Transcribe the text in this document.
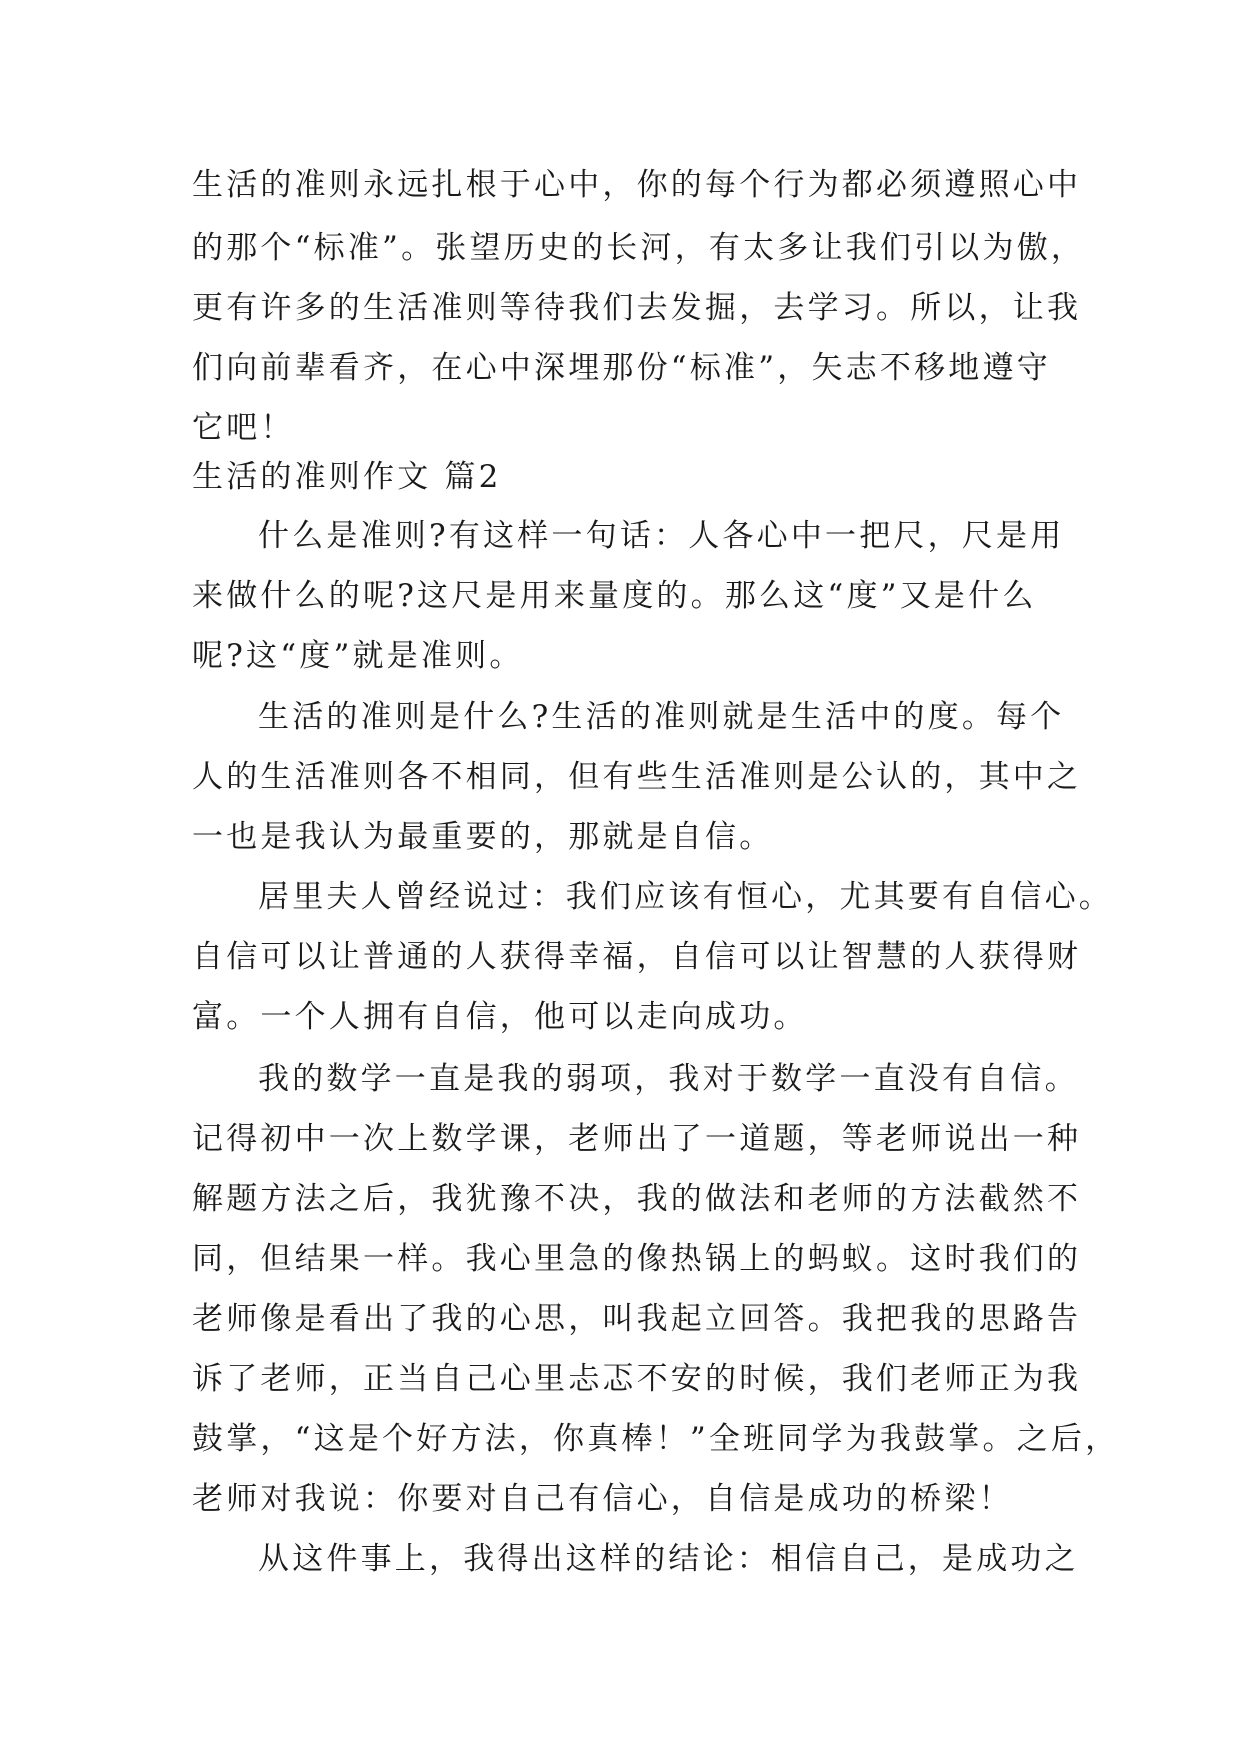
生活的准则永远扎根于心中，你的每个行为都必须遵照心中
的那个“标准”。张望历史的长河，有太多让我们引以为傲，
更有许多的生活准则等待我们去发掘，去学习。所以，让我
们向前辈看齐，在心中深埋那份“标准”，矢志不移地遵守
它吧！
生活的准则作文 篇2
什么是准则?有这样一句话：人各心中一把尺，尺是用
来做什么的呢?这尺是用来量度的。那么这“度”又是什么
呢?这“度”就是准则。
生活的准则是什么?生活的准则就是生活中的度。每个
人的生活准则各不相同，但有些生活准则是公认的，其中之
一也是我认为最重要的，那就是自信。
居里夫人曾经说过：我们应该有恒心，尤其要有自信心。
自信可以让普通的人获得幸福，自信可以让智慧的人获得财
富。一个人拥有自信，他可以走向成功。
我的数学一直是我的弱项，我对于数学一直没有自信。
记得初中一次上数学课，老师出了一道题，等老师说出一种
解题方法之后，我犹豫不决，我的做法和老师的方法截然不
同，但结果一样。我心里急的像热锅上的蚂蚁。这时我们的
老师像是看出了我的心思，叫我起立回答。我把我的思路告
诉了老师，正当自己心里忐忑不安的时候，我们老师正为我
鼓掌，“这是个好方法，你真棒！”全班同学为我鼓掌。之后，
老师对我说：你要对自己有信心，自信是成功的桥梁！
从这件事上，我得出这样的结论：相信自己，是成功之
